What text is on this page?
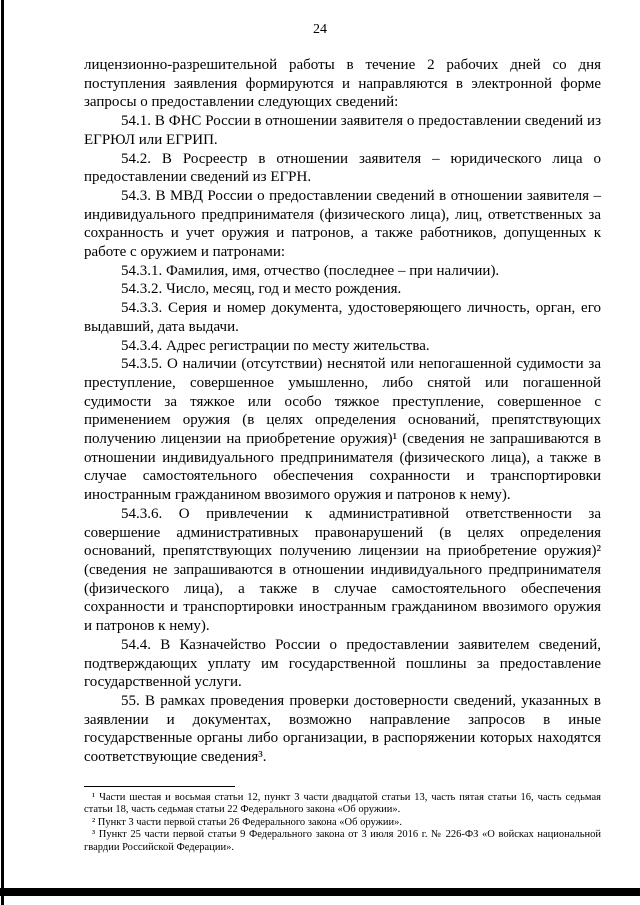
24

лицензионно-разрешительной работы в течение 2 рабочих дней со дня поступления заявления формируются и направляются в электронной форме запросы о предоставлении следующих сведений:

54.1. В ФНС России в отношении заявителя о предоставлении сведений из ЕГРЮЛ или ЕГРИП.

54.2. В Росреестр в отношении заявителя – юридического лица о предоставлении сведений из ЕГРН.

54.3. В МВД России о предоставлении сведений в отношении заявителя – индивидуального предпринимателя (физического лица), лиц, ответственных за сохранность и учет оружия и патронов, а также работников, допущенных к работе с оружием и патронами:

54.3.1. Фамилия, имя, отчество (последнее – при наличии).

54.3.2. Число, месяц, год и место рождения.

54.3.3. Серия и номер документа, удостоверяющего личность, орган, его выдавший, дата выдачи.

54.3.4. Адрес регистрации по месту жительства.

54.3.5. О наличии (отсутствии) неснятой или непогашенной судимости за преступление, совершенное умышленно, либо снятой или погашенной судимости за тяжкое или особо тяжкое преступление, совершенное с применением оружия (в целях определения оснований, препятствующих получению лицензии на приобретение оружия)¹ (сведения не запрашиваются в отношении индивидуального предпринимателя (физического лица), а также в случае самостоятельного обеспечения сохранности и транспортировки иностранным гражданином ввозимого оружия и патронов к нему).

54.3.6. О привлечении к административной ответственности за совершение административных правонарушений (в целях определения оснований, препятствующих получению лицензии на приобретение оружия)² (сведения не запрашиваются в отношении индивидуального предпринимателя (физического лица), а также в случае самостоятельного обеспечения сохранности и транспортировки иностранным гражданином ввозимого оружия и патронов к нему).

54.4. В Казначейство России о предоставлении заявителем сведений, подтверждающих уплату им государственной пошлины за предоставление государственной услуги.

55. В рамках проведения проверки достоверности сведений, указанных в заявлении и документах, возможно направление запросов в иные государственные органы либо организации, в распоряжении которых находятся соответствующие сведения³.

¹ Части шестая и восьмая статьи 12, пункт 3 части двадцатой статьи 13, часть пятая статьи 16, часть седьмая статьи 18, часть седьмая статьи 22 Федерального закона «Об оружии».

² Пункт 3 части первой статьи 26 Федерального закона «Об оружии».

³ Пункт 25 части первой статьи 9 Федерального закона от 3 июля 2016 г. № 226-ФЗ «О войсках национальной гвардии Российской Федерации».
